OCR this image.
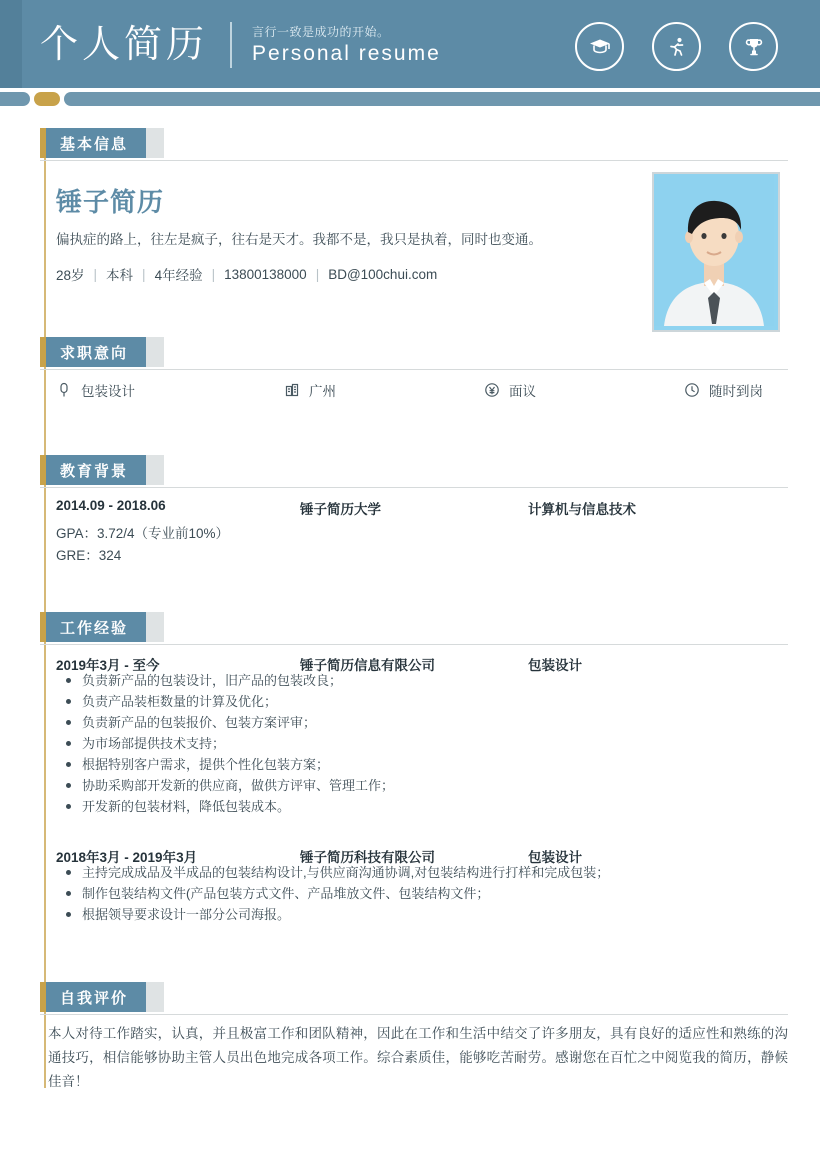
个人简历	言行一致是成功的开始。
Personal resume
基本信息
锤子简历
偏执症的路上，往左是疯子，往右是天才。我都不是，我只是执着，同时也变通。
28岁 | 本科 | 4年经验 | 13800138000 | BD@100chui.com
求职意向
包装设计	广州	面议	随时到岗
教育背景
2014.09 - 2018.06	锤子简历大学	计算机与信息技术
GPA：3.72/4（专业前10%）
GRE：324
工作经验
2019年3月 - 至今	锤子简历信息有限公司	包装设计
负责新产品的包装设计，旧产品的包装改良；
负责产品装柜数量的计算及优化；
负责新产品的包装报价、包装方案评审；
为市场部提供技术支持；
根据特别客户需求，提供个性化包装方案；
协助采购部开发新的供应商，做供方评审、管理工作；
开发新的包装材料，降低包装成本。
2018年3月 - 2019年3月	锤子简历科技有限公司	包装设计
主持完成成品及半成品的包装结构设计,与供应商沟通协调,对包装结构进行打样和完成包装；
制作包装结构文件(产品包装方式文件、产品堆放文件、包装结构文件；
根据领导要求设计一部分公司海报。
自我评价
本人对待工作踏实，认真，并且极富工作和团队精神，因此在工作和生活中结交了许多朋友，具有良好的适应性和熟练的沟通技巧，相信能够协助主管人员出色地完成各项工作。综合素质佳，能够吃苦耐劳。感谢您在百忙之中阅览我的简历，静候佳音！
